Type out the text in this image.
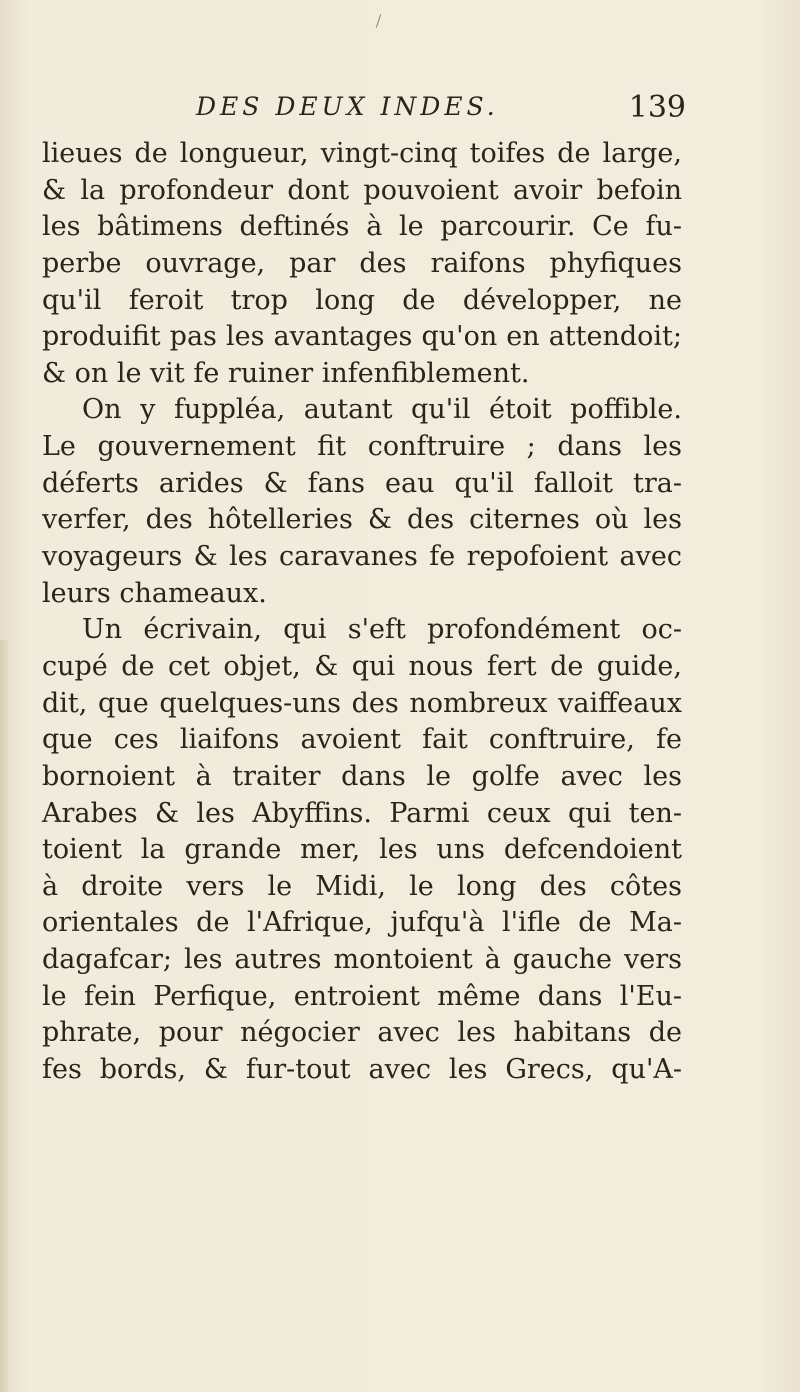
DES DEUX INDES.	139
lieues de longueur, vingt-cinq toifes de large,
& la profondeur dont pouvoient avoir befoin
les bâtimens deftinés à le parcourir. Ce fu-
perbe ouvrage, par des raifons phyfiques
qu'il feroit trop long de développer, ne
produifit pas les avantages qu'on en attendoit;
& on le vit fe ruiner infenfiblement.
On y fuppléa, autant qu'il étoit poffible.
Le gouvernement fit conftruire ; dans les
déferts arides & fans eau qu'il falloit tra-
verfer, des hôtelleries & des citernes où les
voyageurs & les caravanes fe repofoient avec
leurs chameaux.
Un écrivain, qui s'eft profondément oc-
cupé de cet objet, & qui nous fert de guide,
dit, que quelques-uns des nombreux vaiffeaux
que ces liaifons avoient fait conftruire, fe
bornoient à traiter dans le golfe avec les
Arabes & les Abyffins. Parmi ceux qui ten-
toient la grande mer, les uns defcendoient
à droite vers le Midi, le long des côtes
orientales de l'Afrique, jufqu'à l'ifle de Ma-
dagafcar; les autres montoient à gauche vers
le fein Perfique, entroient même dans l'Eu-
phrate, pour négocier avec les habitans de
fes bords, & fur-tout avec les Grecs, qu'A-
